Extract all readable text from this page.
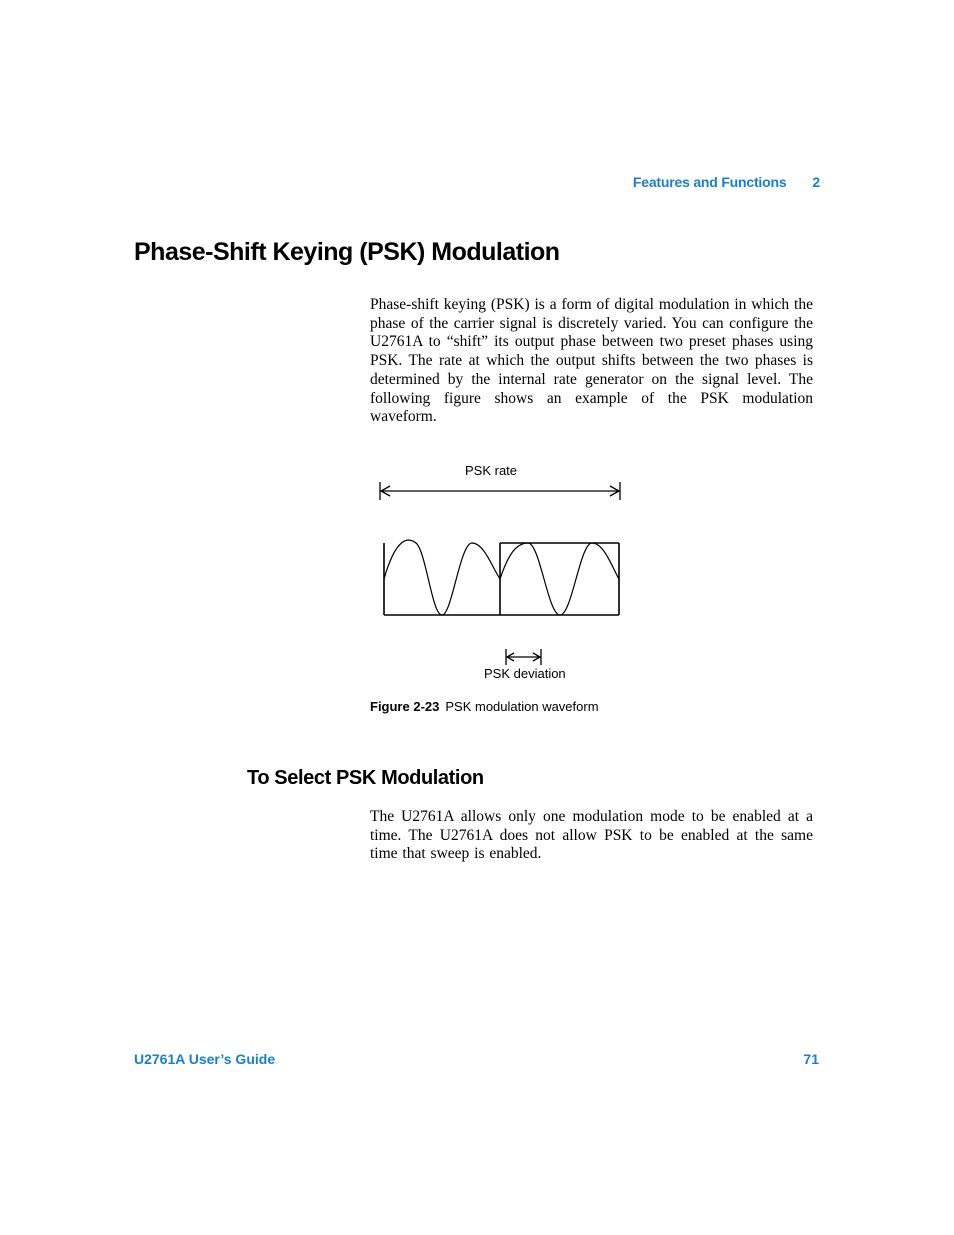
Features and Functions 2
Phase-Shift Keying (PSK) Modulation

Phase-shift keying (PSK) is a form of digital modulation in which the phase of the carrier signal is discretely varied. You can configure the U2761A to “shift” its output phase between two preset phases using PSK. The rate at which the output shifts between the two phases is determined by the internal rate generator on the signal level. The following figure shows an example of the PSK modulation waveform.

PSK rate
PSK deviation
Figure 2-23 PSK modulation waveform
To Select PSK Modulation

The U2761A allows only one modulation mode to be enabled at a time. The U2761A does not allow PSK to be enabled at the same time that sweep is enabled.

U2761A User’s Guide	71
